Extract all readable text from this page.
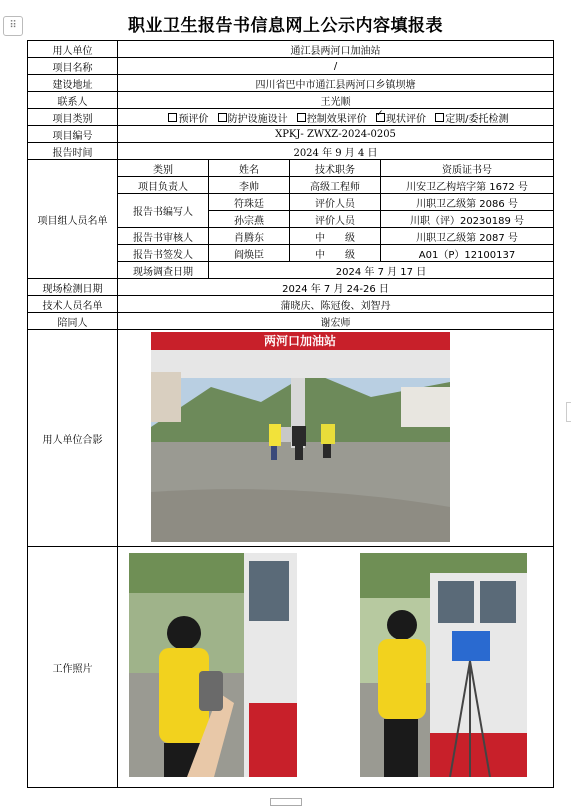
⠿	职业卫生报告书信息网上公示内容填报表
用人单位	通江县两河口加油站			
项目名称	/			
建设地址	四川省巴中市通江县两河口乡镇坝塘			
联系人	王光顺			
项目类别	预评价 防护设施设计 控制效果评价 ✓ 现状评价 定期/委托检测
项目编号	XPKJ- ZWXZ-2024-0205			
报告时间	2024 年 9 月 4 日			
项目组人员名单	类别	姓名	技术职务	资质证书号
	项目负责人	李帅	高级工程师	川安卫乙构培字第 1672 号
	报告书编写人	符珠廷	评价人员	川职卫乙级第 2086 号
		孙宗燕	评价人员	川职（评）20230189 号
	报告书审核人	肖腾东	中　　级	川职卫乙级第 2087 号
	报告书签发人	阎焕臣	中　　级	A01（P）12100137
	现场调查日期	2024 年 7 月 17 日		
现场检测日期	2024 年 7 月 24-26 日			
技术人员名单	蒲晓庆、陈冠俊、刘智丹			
陪同人	谢宏师			
用人单位合影	两河口加油站			

工作照片	
